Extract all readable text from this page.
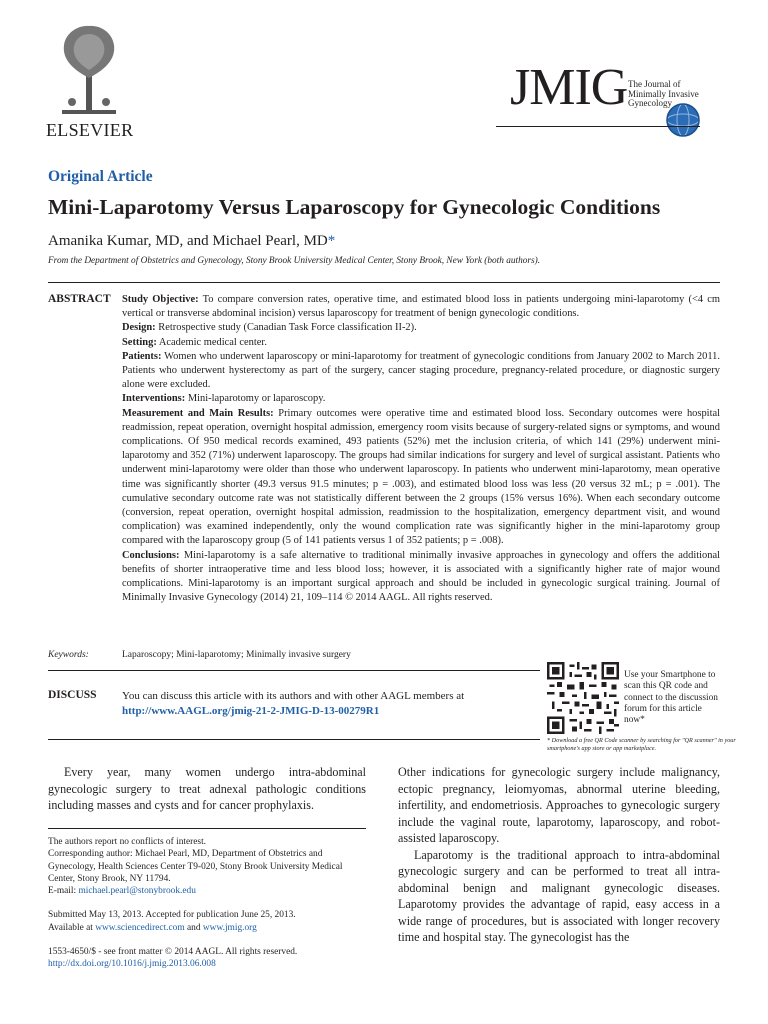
ELSEVIER
JMIG The Journal of
Minimally Invasive
Gynecology
Original Article
Mini-Laparotomy Versus Laparoscopy for Gynecologic Conditions
Amanika Kumar, MD, and Michael Pearl, MD*
From the Department of Obstetrics and Gynecology, Stony Brook University Medical Center, Stony Brook, New York (both authors).
ABSTRACT Study Objective: To compare conversion rates, operative time, and estimated blood loss in patients undergoing mini-laparotomy (<4 cm vertical or transverse abdominal incision) versus laparoscopy for treatment of benign gynecologic conditions.

Design: Retrospective study (Canadian Task Force classification II-2).

Setting: Academic medical center.

Patients: Women who underwent laparoscopy or mini-laparotomy for treatment of gynecologic conditions from January 2002 to March 2011. Patients who underwent hysterectomy as part of the surgery, cancer staging procedure, pregnancy-related procedure, or diagnostic surgery alone were excluded.

Interventions: Mini-laparotomy or laparoscopy.

Measurement and Main Results: Primary outcomes were operative time and estimated blood loss. Secondary outcomes were hospital readmission, repeat operation, overnight hospital admission, emergency room visits because of surgery-related signs or symptoms, and wound complications. Of 950 medical records examined, 493 patients (52%) met the inclusion criteria, of which 141 (29%) underwent mini-laparotomy and 352 (71%) underwent laparoscopy. The groups had similar indications for surgery and level of surgical assistant. Patients who underwent mini-laparotomy were older than those who underwent laparoscopy. In patients who underwent mini-laparotomy, mean operative time was significantly shorter (49.3 versus 91.5 minutes; p = .003), and estimated blood loss was less (20 versus 32 mL; p = .001). The cumulative secondary outcome rate was not statistically different between the 2 groups (15% versus 16%). When each secondary outcome (conversion, repeat operation, overnight hospital admission, readmission to the hospitalization, emergency department visit, and wound complication) was examined independently, only the wound complication rate was significantly higher in the mini-laparotomy group compared with the laparoscopy group (5 of 141 patients versus 1 of 352 patients; p = .008).

Conclusions: Mini-laparotomy is a safe alternative to traditional minimally invasive approaches in gynecology and offers the additional benefits of shorter intraoperative time and less blood loss; however, it is associated with a significantly higher rate of major wound complications. Mini-laparotomy is an important surgical approach and should be included in gynecologic surgical training. Journal of Minimally Invasive Gynecology (2014) 21, 109–114 © 2014 AAGL. All rights reserved.

Keywords:	Laparoscopy; Mini-laparotomy; Minimally invasive surgery
DISCUSS You can discuss this article with its authors and with other AAGL members at
http://www.AAGL.org/jmig-21-2-JMIG-D-13-00279R1
Use your Smartphone to scan this QR code and connect to the discussion forum for this article now*
* Download a free QR Code scanner by searching for "QR scanner" in your smartphone's app store or app marketplace.

Every year, many women undergo intra-abdominal gynecologic surgery to treat adnexal pathologic conditions including masses and cysts and for cancer prophylaxis.

Other indications for gynecologic surgery include malignancy, ectopic pregnancy, leiomyomas, abnormal uterine bleeding, infertility, and endometriosis. Approaches to gynecologic surgery include the vaginal route, laparotomy, laparoscopy, and robot-assisted laparoscopy.

Laparotomy is the traditional approach to intra-abdominal gynecologic surgery and can be performed to treat all intra-abdominal benign and malignant gynecologic diseases. Laparotomy provides the advantage of rapid, easy access in a wide range of procedures, but is associated with longer recovery time and hospital stay. The gynecologist has the

The authors report no conflicts of interest.

Corresponding author: Michael Pearl, MD, Department of Obstetrics and Gynecology, Health Sciences Center T9-020, Stony Brook University Medical Center, Stony Brook, NY 11794.

E-mail: michael.pearl@stonybrook.edu

Submitted May 13, 2013. Accepted for publication June 25, 2013.

Available at www.sciencedirect.com and www.jmig.org

1553-4650/$ - see front matter © 2014 AAGL. All rights reserved.

http://dx.doi.org/10.1016/j.jmig.2013.06.008
